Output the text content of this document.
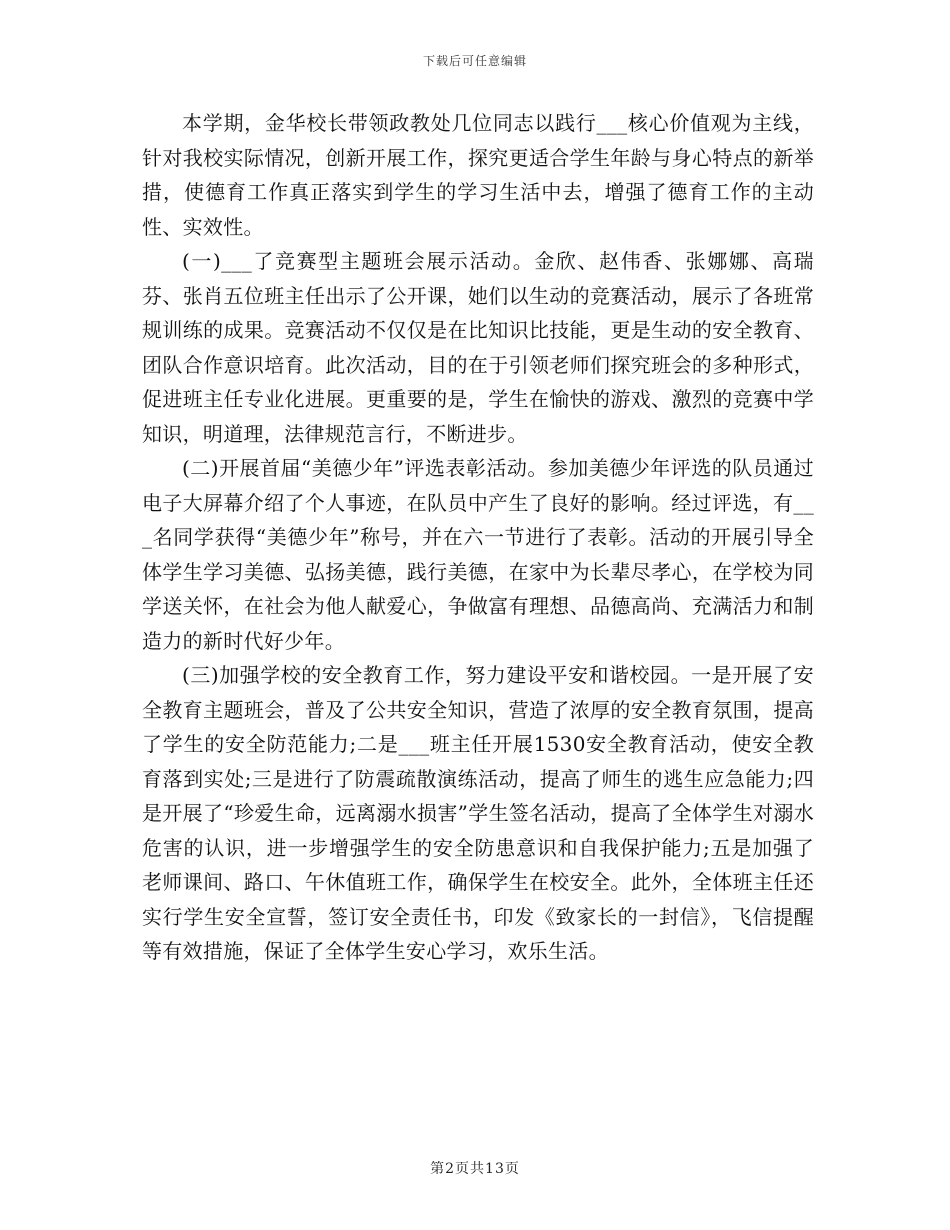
下载后可任意编辑

本学期，金华校长带领政教处几位同志以践行___核心价值观为主线，针对我校实际情况，创新开展工作，探究更适合学生年龄与身心特点的新举措，使德育工作真正落实到学生的学习生活中去，增强了德育工作的主动性、实效性。

(一)___了竞赛型主题班会展示活动。金欣、赵伟香、张娜娜、高瑞芬、张肖五位班主任出示了公开课，她们以生动的竞赛活动，展示了各班常规训练的成果。竞赛活动不仅仅是在比知识比技能，更是生动的安全教育、团队合作意识培育。此次活动，目的在于引领老师们探究班会的多种形式，促进班主任专业化进展。更重要的是，学生在愉快的游戏、激烈的竞赛中学知识，明道理，法律规范言行，不断进步。

(二)开展首届“美德少年”评选表彰活动。参加美德少年评选的队员通过电子大屏幕介绍了个人事迹，在队员中产生了良好的影响。经过评选，有___名同学获得“美德少年”称号，并在六一节进行了表彰。活动的开展引导全体学生学习美德、弘扬美德，践行美德，在家中为长辈尽孝心，在学校为同学送关怀，在社会为他人献爱心，争做富有理想、品德高尚、充满活力和制造力的新时代好少年。

(三)加强学校的安全教育工作，努力建设平安和谐校园。一是开展了安全教育主题班会，普及了公共安全知识，营造了浓厚的安全教育氛围，提高了学生的安全防范能力;二是___班主任开展1530安全教育活动，使安全教育落到实处;三是进行了防震疏散演练活动，提高了师生的逃生应急能力;四是开展了“珍爱生命，远离溺水损害”学生签名活动，提高了全体学生对溺水危害的认识，进一步增强学生的安全防患意识和自我保护能力;五是加强了老师课间、路口、午休值班工作，确保学生在校安全。此外，全体班主任还实行学生安全宣誓，签订安全责任书，印发《致家长的一封信》，飞信提醒等有效措施，保证了全体学生安心学习，欢乐生活。

第2页共13页
